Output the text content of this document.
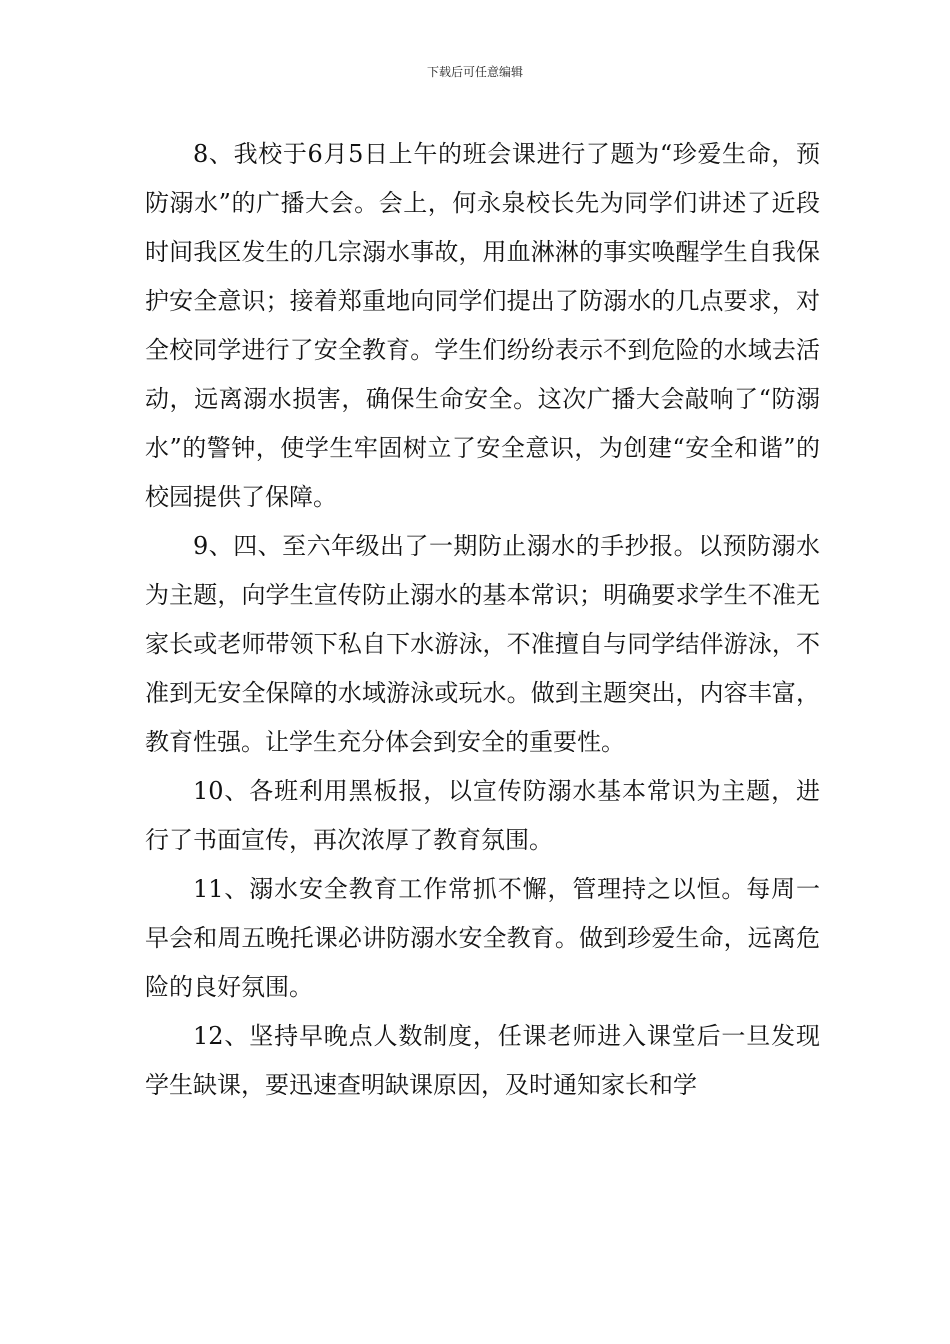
下载后可任意编辑

8、我校于6月5日上午的班会课进行了题为“珍爱生命，预防溺水”的广播大会。会上，何永泉校长先为同学们讲述了近段时间我区发生的几宗溺水事故，用血淋淋的事实唤醒学生自我保护安全意识；接着郑重地向同学们提出了防溺水的几点要求，对全校同学进行了安全教育。学生们纷纷表示不到危险的水域去活动，远离溺水损害，确保生命安全。这次广播大会敲响了“防溺水”的警钟，使学生牢固树立了安全意识，为创建“安全和谐”的校园提供了保障。

9、四、至六年级出了一期防止溺水的手抄报。以预防溺水为主题，向学生宣传防止溺水的基本常识；明确要求学生不准无家长或老师带领下私自下水游泳，不准擅自与同学结伴游泳，不准到无安全保障的水域游泳或玩水。做到主题突出，内容丰富，教育性强。让学生充分体会到安全的重要性。

10、各班利用黑板报，以宣传防溺水基本常识为主题，进行了书面宣传，再次浓厚了教育氛围。

11、溺水安全教育工作常抓不懈，管理持之以恒。每周一早会和周五晚托课必讲防溺水安全教育。做到珍爱生命，远离危险的良好氛围。

12、坚持早晚点人数制度，任课老师进入课堂后一旦发现学生缺课，要迅速查明缺课原因，及时通知家长和学
